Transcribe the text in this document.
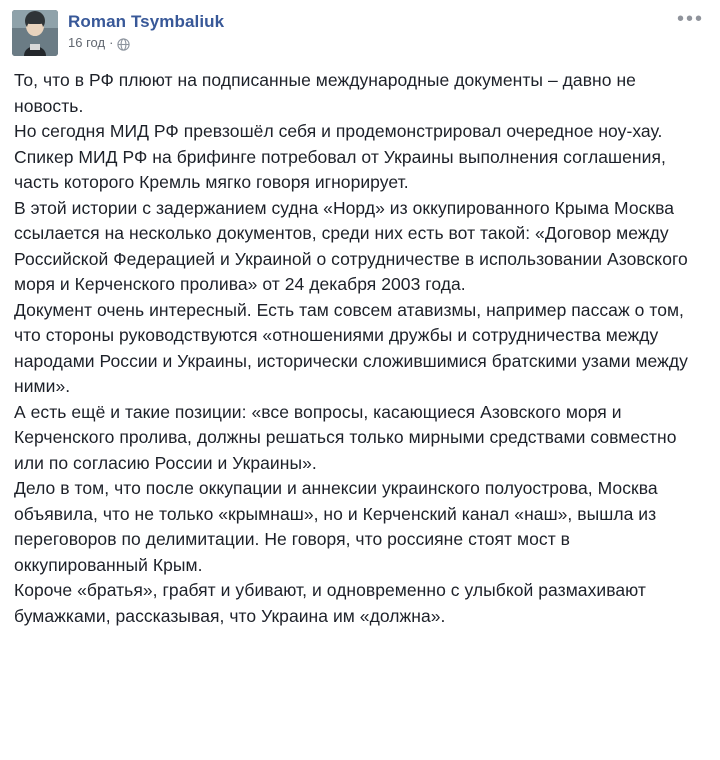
Roman Tsymbaliuk
16 год ·
•••

То, что в РФ плюют на подписанные международные документы – давно не новость.

Но сегодня МИД РФ превзошёл себя и продемонстрировал очередное ноу-хау. Спикер МИД РФ на брифинге потребовал от Украины выполнения соглашения, часть которого Кремль мягко говоря игнорирует.

В этой истории с задержанием судна «Норд» из оккупированного Крыма Москва ссылается на несколько документов, среди них есть вот такой: «Договор между Российской Федерацией и Украиной о сотрудничестве в использовании Азовского моря и Керченского пролива» от 24 декабря 2003 года.

Документ очень интересный. Есть там совсем атавизмы, например пассаж о том, что стороны руководствуются «отношениями дружбы и сотрудничества между народами России и Украины, исторически сложившимися братскими узами между ними».

А есть ещё и такие позиции: «все вопросы, касающиеся Азовского моря и Керченского пролива, должны решаться только мирными средствами совместно или по согласию России и Украины».

Дело в том, что после оккупации и аннексии украинского полуострова, Москва объявила, что не только «крымнаш», но и Керченский канал «наш», вышла из переговоров по делимитации. Не говоря, что россияне стоят мост в оккупированный Крым.

Короче «братья», грабят и убивают, и одновременно с улыбкой размахивают бумажками, рассказывая, что Украина им «должна».
